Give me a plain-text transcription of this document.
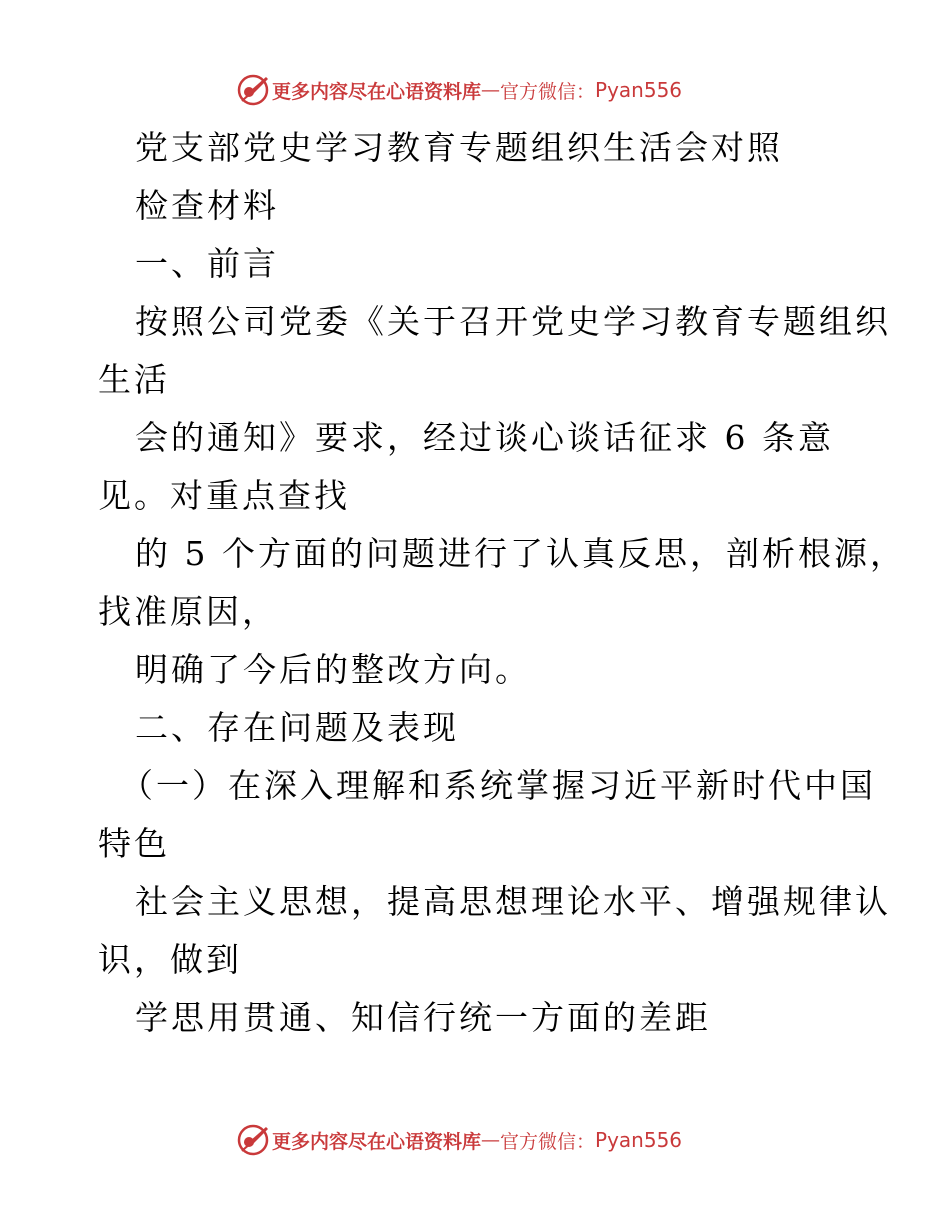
更多内容尽在心语资料库 — 官方微信： Pyan556
党支部党史学习教育专题组织生活会对照
检查材料
一、前言
按照公司党委《关于召开党史学习教育专题组织
生活
会的通知》要求，经过谈心谈话征求 6 条意
见。对重点查找
的 5 个方面的问题进行了认真反思，剖析根源，
找准原因，
明确了今后的整改方向。
二、存在问题及表现
（一）在深入理解和系统掌握习近平新时代中国
特色
社会主义思想，提高思想理论水平、增强规律认
识，做到
学思用贯通、知信行统一方面的差距
更多内容尽在心语资料库 — 官方微信： Pyan556
